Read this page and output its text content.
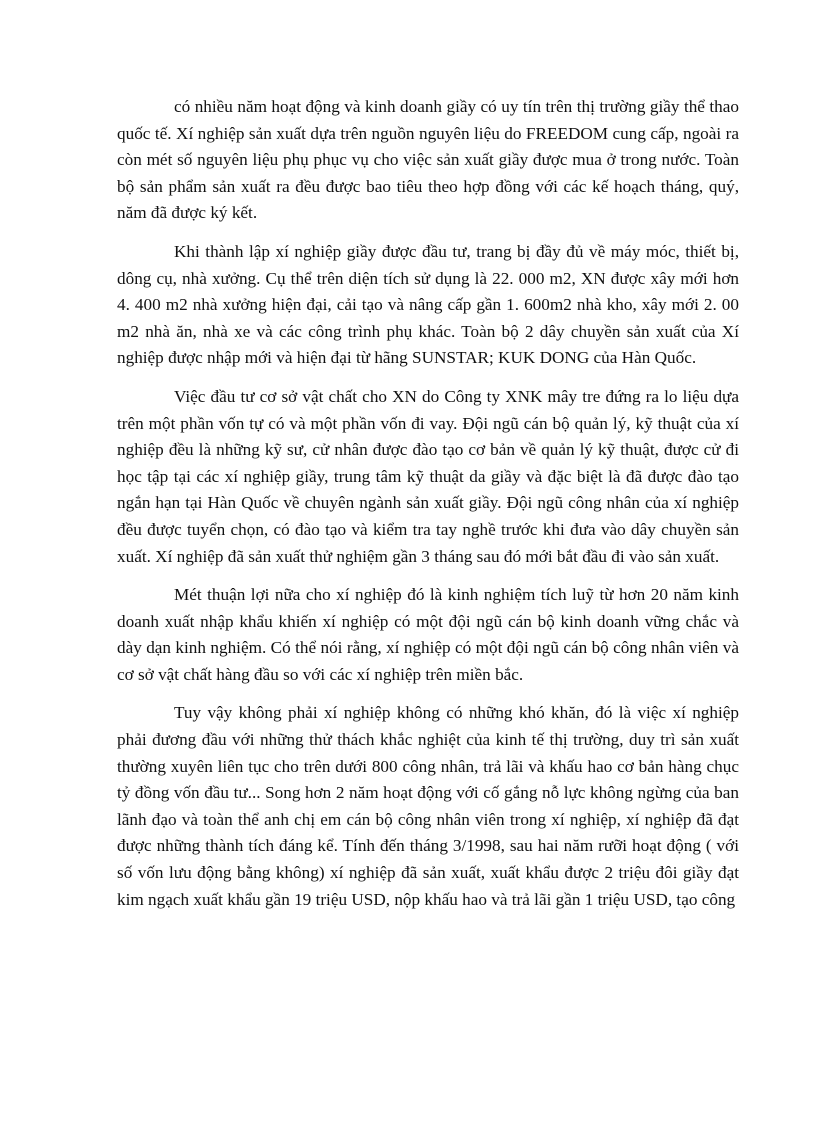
có nhiều năm hoạt động và kinh doanh giầy có uy tín trên thị trường giầy thể thao quốc tế. Xí nghiệp sản xuất dựa trên nguồn nguyên liệu do FREEDOM cung cấp, ngoài ra còn mét số nguyên liệu phụ phục vụ cho việc sản xuất giầy được mua ở trong nước. Toàn bộ sản phẩm sản xuất ra đều được bao tiêu theo hợp đồng với các kế hoạch tháng, quý, năm đã được ký kết.

Khi thành lập xí nghiệp giầy được đầu tư, trang bị đầy đủ về máy móc, thiết bị, dông cụ, nhà xưởng. Cụ thể trên diện tích sử dụng là 22. 000 m2, XN được xây mới hơn 4. 400 m2 nhà xưởng hiện đại, cải tạo và nâng cấp gần 1. 600m2 nhà kho, xây mới 2. 00 m2 nhà ăn, nhà xe và các công trình phụ khác. Toàn bộ 2 dây chuyền sản xuất của Xí nghiệp được nhập mới và hiện đại từ hãng SUNSTAR; KUK DONG của Hàn Quốc.

Việc đầu tư cơ sở vật chất cho XN do Công ty XNK mây tre đứng ra lo liệu dựa trên một phần vốn tự có và một phần vốn đi vay. Đội ngũ cán bộ quản lý, kỹ thuật của xí nghiệp đều là những kỹ sư, cử nhân được đào tạo cơ bản về quản lý kỹ thuật, được cử đi học tập tại các xí nghiệp giầy, trung tâm kỹ thuật da giầy và đặc biệt là đã được đào tạo ngắn hạn tại Hàn Quốc về chuyên ngành sản xuất giầy. Đội ngũ công nhân của xí nghiệp đều được tuyển chọn, có đào tạo và kiểm tra tay nghề trước khi đưa vào dây chuyền sản xuất. Xí nghiệp đã sản xuất thử nghiệm gần 3 tháng sau đó mới bắt đầu đi vào sản xuất.

Mét thuận lợi nữa cho xí nghiệp đó là kinh nghiệm tích luỹ từ hơn 20 năm kinh doanh xuất nhập khẩu khiến xí nghiệp có một đội ngũ cán bộ kinh doanh vững chắc và dày dạn kinh nghiệm. Có thể nói rằng, xí nghiệp có một đội ngũ cán bộ công nhân viên và cơ sở vật chất hàng đầu so với các xí nghiệp trên miền bắc.

Tuy vậy không phải xí nghiệp không có những khó khăn, đó là việc xí nghiệp phải đương đầu với những thử thách khắc nghiệt của kinh tế thị trường, duy trì sản xuất thường xuyên liên tục cho trên dưới 800 công nhân, trả lãi và khấu hao cơ bản hàng chục tỷ đồng vốn đầu tư... Song hơn 2 năm hoạt động với cố gắng nỗ lực không ngừng của ban lãnh đạo và toàn thể anh chị em cán bộ công nhân viên trong xí nghiệp, xí nghiệp đã đạt được những thành tích đáng kể. Tính đến tháng 3/1998, sau hai năm rưỡi hoạt động ( với số vốn lưu động bằng không) xí nghiệp đã sản xuất, xuất khẩu được 2 triệu đôi giầy đạt kim ngạch xuất khẩu gần 19 triệu USD, nộp khấu hao và trả lãi gần 1 triệu USD, tạo công
